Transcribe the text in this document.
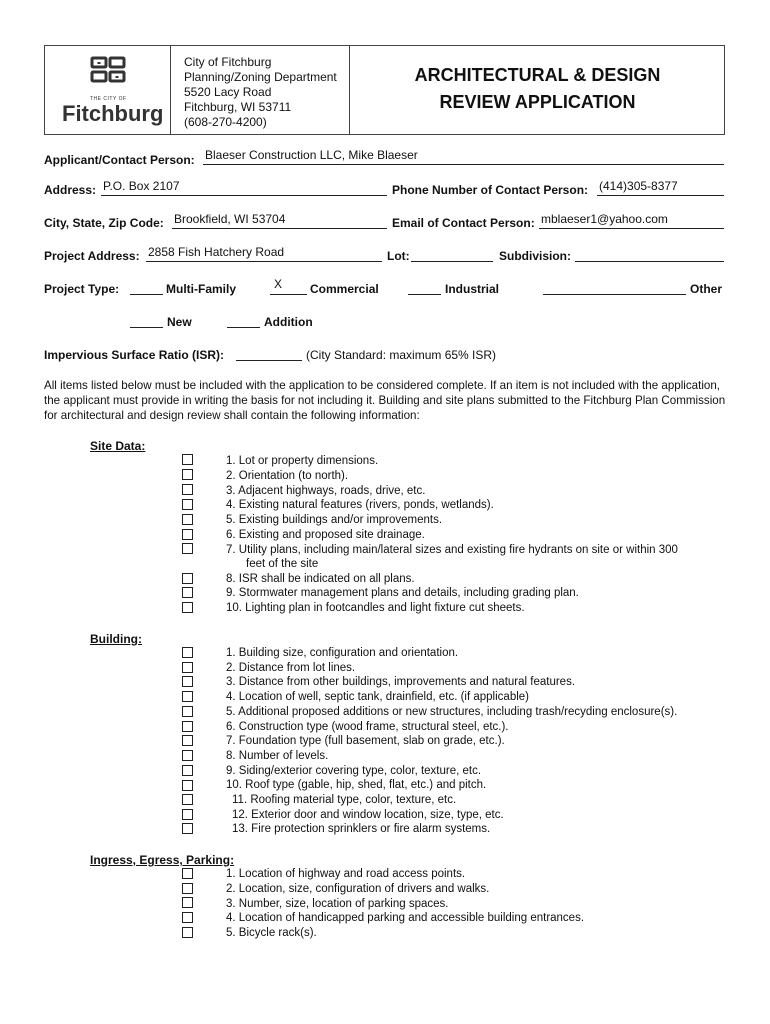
THE CITY OF
Fitchburg
City of Fitchburg
Planning/Zoning Department
5520 Lacy Road
Fitchburg, WI 53711
(608-270-4200)
ARCHITECTURAL & DESIGN
REVIEW APPLICATION
Applicant/Contact Person: Blaeser Construction LLC, Mike Blaeser
Address: P.O. Box 2107	Phone Number of Contact Person: (414)305-8377
City, State, Zip Code: Brookfield, WI 53704	Email of Contact Person: mblaeser1@yahoo.com
Project Address: 2858 Fish Hatchery Road	Lot:	Subdivision:
Project Type:	Multi-Family	X Commercial	Industrial	Other
New	Addition
Impervious Surface Ratio (ISR):	(City Standard: maximum 65% ISR)
All items listed below must be included with the application to be considered complete. If an item is not included with the application, the applicant must provide in writing the basis for not including it. Building and site plans submitted to the Fitchburg Plan Commission for architectural and design review shall contain the following information:
Site Data:
1. Lot or property dimensions.
2. Orientation (to north).
3. Adjacent highways, roads, drive, etc.
4. Existing natural features (rivers, ponds, wetlands).
5. Existing buildings and/or improvements.
6. Existing and proposed site drainage.
7. Utility plans, including main/lateral sizes and existing fire hydrants on site or within 300
feet of the site
8. ISR shall be indicated on all plans.
9. Stormwater management plans and details, including grading plan.
10. Lighting plan in footcandles and light fixture cut sheets.
Building:
1. Building size, configuration and orientation.
2. Distance from lot lines.
3. Distance from other buildings, improvements and natural features.
4. Location of well, septic tank, drainfield, etc. (if applicable)
5. Additional proposed additions or new structures, including trash/recyding enclosure(s).
6. Construction type (wood frame, structural steel, etc.).
7. Foundation type (full basement, slab on grade, etc.).
8. Number of levels.
9. Siding/exterior covering type, color, texture, etc.
10. Roof type (gable, hip, shed, flat, etc.) and pitch.
11. Roofing material type, color, texture, etc.
12. Exterior door and window location, size, type, etc.
13. Fire protection sprinklers or fire alarm systems.
Ingress, Egress, Parking:
1. Location of highway and road access points.
2. Location, size, configuration of drivers and walks.
3. Number, size, location of parking spaces.
4. Location of handicapped parking and accessible building entrances.
5. Bicycle rack(s).
